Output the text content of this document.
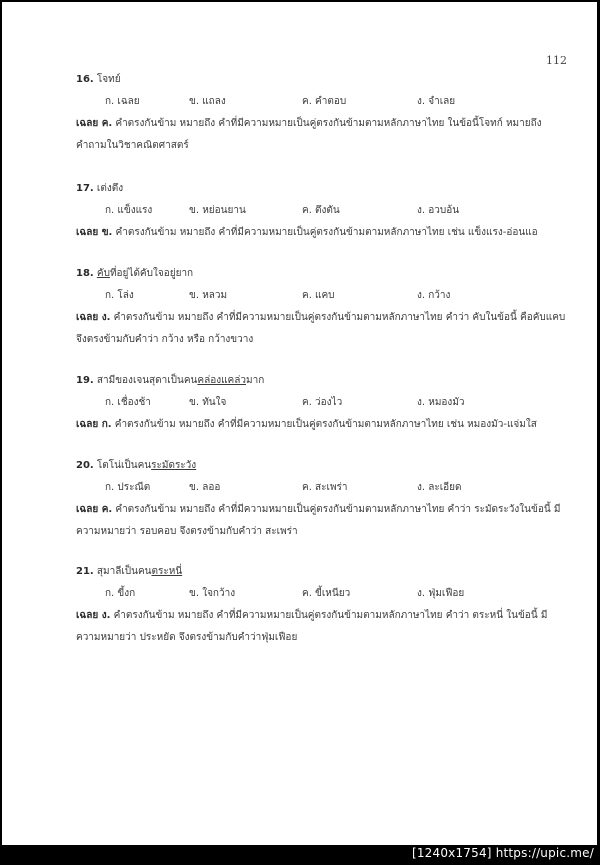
112
16. โจทย์
ก. เฉลย	ข. แถลง	ค. คำตอบ	ง. จำเลย
เฉลย ค. คำตรงกันข้าม หมายถึง คำที่มีความหมายเป็นคู่ตรงกันข้ามตามหลักภาษาไทย ในข้อนี้โจทก์ หมายถึง คำถามในวิชาคณิตศาสตร์
17. เต่งตึง
ก. แข็งแรง	ข. หย่อนยาน	ค. ตึงตัน	ง. อวบอ้น
เฉลย ข. คำตรงกันข้าม หมายถึง คำที่มีความหมายเป็นคู่ตรงกันข้ามตามหลักภาษาไทย เช่น แข็งแรง-อ่อนแอ
18. คับที่อยู่ได้คับใจอยู่ยาก
ก. โล่ง	ข. หลวม	ค. แคบ	ง. กว้าง
เฉลย ง. คำตรงกันข้าม หมายถึง คำที่มีความหมายเป็นคู่ตรงกันข้ามตามหลักภาษาไทย คำว่า คับในข้อนี้ คือคับแคบ จึงตรงข้ามกับคำว่า กว้าง หรือ กว้างขวาง
19. สามีของเจนสุดาเป็นคนคล่องแคล่วมาก
ก. เชื่องช้า	ข. ทันใจ	ค. ว่องไว	ง. หมองมัว
เฉลย ก. คำตรงกันข้าม หมายถึง คำที่มีความหมายเป็นคู่ตรงกันข้ามตามหลักภาษาไทย เช่น หมองมัว-แจ่มใส
20. โตโน่เป็นคนระมัดระวัง
ก. ประณีต	ข. ลออ	ค. สะเพร่า	ง. ละเอียด
เฉลย ค. คำตรงกันข้าม หมายถึง คำที่มีความหมายเป็นคู่ตรงกันข้ามตามหลักภาษาไทย คำว่า ระมัดระวังในข้อนี้ มีความหมายว่า รอบคอบ จึงตรงข้ามกับคำว่า สะเพร่า
21. สุมาลีเป็นคนตระหนี่
ก. ขี้งก	ข. ใจกว้าง	ค. ขี้เหนียว	ง. ฟุ่มเฟือย
เฉลย ง. คำตรงกันข้าม หมายถึง คำที่มีความหมายเป็นคู่ตรงกันข้ามตามหลักภาษาไทย คำว่า ตระหนี่ ในข้อนี้ มีความหมายว่า ประหยัด จึงตรงข้ามกับคำว่าฟุ่มเฟือย
[1240x1754] https://upic.me/
